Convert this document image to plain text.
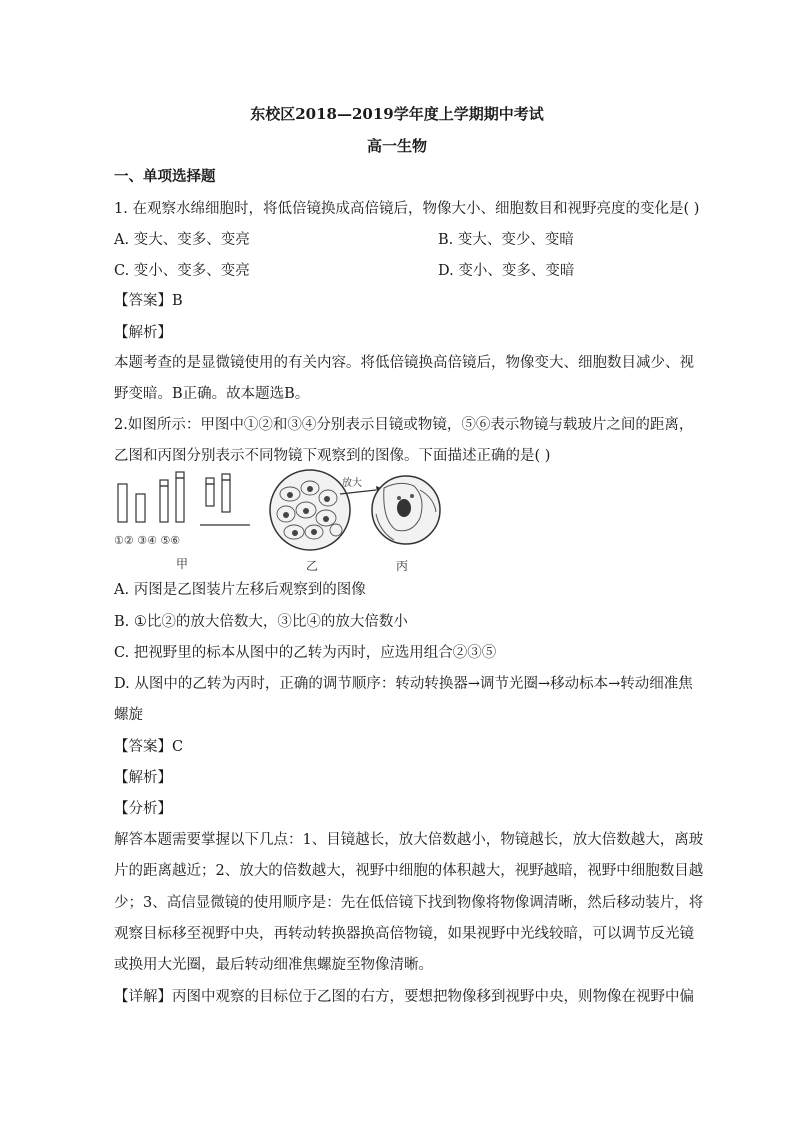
东校区2018—2019学年度上学期期中考试
高一生物
一、单项选择题
1. 在观察水绵细胞时，将低倍镜换成高倍镜后，物像大小、细胞数目和视野亮度的变化是( )
A. 变大、变多、变亮	B. 变大、变少、变暗
C. 变小、变多、变亮	D. 变小、变多、变暗
【答案】B
【解析】
本题考查的是显微镜使用的有关内容。将低倍镜换高倍镜后，物像变大、细胞数目减少、视
野变暗。B正确。故本题选B。
2.如图所示：甲图中①②和③④分别表示目镜或物镜，⑤⑥表示物镜与载玻片之间的距离，
乙图和丙图分别表示不同物镜下观察到的图像。下面描述正确的是( )
①② ③④ ⑤⑥
甲
放大
乙	丙
A. 丙图是乙图装片左移后观察到的图像
B. ①比②的放大倍数大，③比④的放大倍数小
C. 把视野里的标本从图中的乙转为丙时，应选用组合②③⑤
D. 从图中的乙转为丙时，正确的调节顺序：转动转换器→调节光圈→移动标本→转动细准焦
螺旋
【答案】C
【解析】
【分析】
解答本题需要掌握以下几点：1、目镜越长，放大倍数越小，物镜越长，放大倍数越大，离玻
片的距离越近；2、放大的倍数越大，视野中细胞的体积越大，视野越暗，视野中细胞数目越
少；3、高信显微镜的使用顺序是：先在低倍镜下找到物像将物像调清晰，然后移动装片，将
观察目标移至视野中央，再转动转换器换高倍物镜，如果视野中光线较暗，可以调节反光镜
或换用大光圈，最后转动细准焦螺旋至物像清晰。
【详解】丙图中观察的目标位于乙图的右方，要想把物像移到视野中央，则物像在视野中偏
